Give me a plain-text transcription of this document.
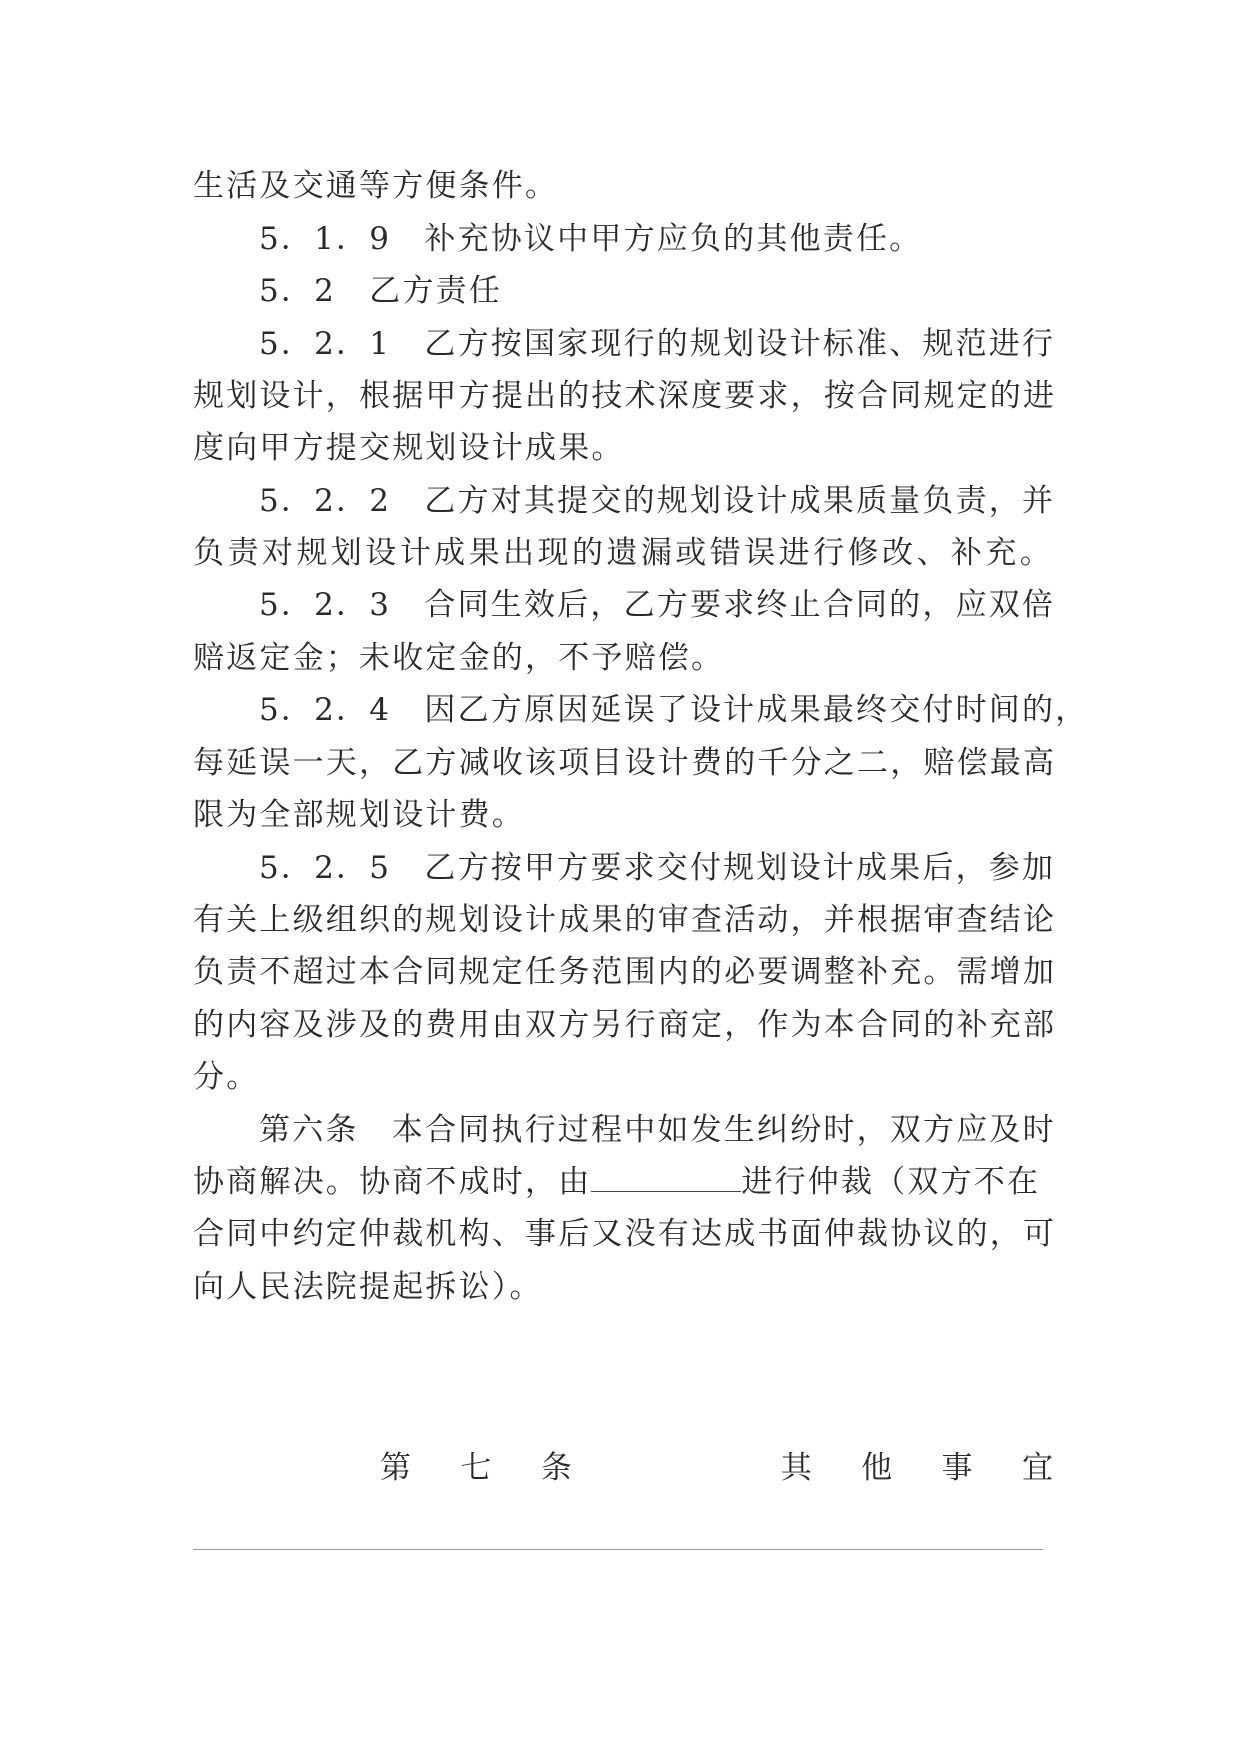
生活及交通等方便条件。
5．1．9　补充协议中甲方应负的其他责任。
5．2　乙方责任
5．2．1　乙方按国家现行的规划设计标准、规范进行
规划设计，根据甲方提出的技术深度要求，按合同规定的进
度向甲方提交规划设计成果。
5．2．2　乙方对其提交的规划设计成果质量负责，并
负责对规划设计成果出现的遗漏或错误进行修改、补充。
5．2．3　合同生效后，乙方要求终止合同的，应双倍
赔返定金；未收定金的，不予赔偿。
5．2．4　因乙方原因延误了设计成果最终交付时间的，
每延误一天，乙方减收该项目设计费的千分之二，赔偿最高
限为全部规划设计费。
5．2．5　乙方按甲方要求交付规划设计成果后，参加
有关上级组织的规划设计成果的审查活动，并根据审查结论
负责不超过本合同规定任务范围内的必要调整补充。需增加
的内容及涉及的费用由双方另行商定，作为本合同的补充部
分。
第六条　本合同执行过程中如发生纠纷时，双方应及时
协商解决。协商不成时，由	进行仲裁（双方不在
合同中约定仲裁机构、事后又没有达成书面仲裁协议的，可
向人民法院提起拆讼）。
第 七 条	其 他 事 宜
